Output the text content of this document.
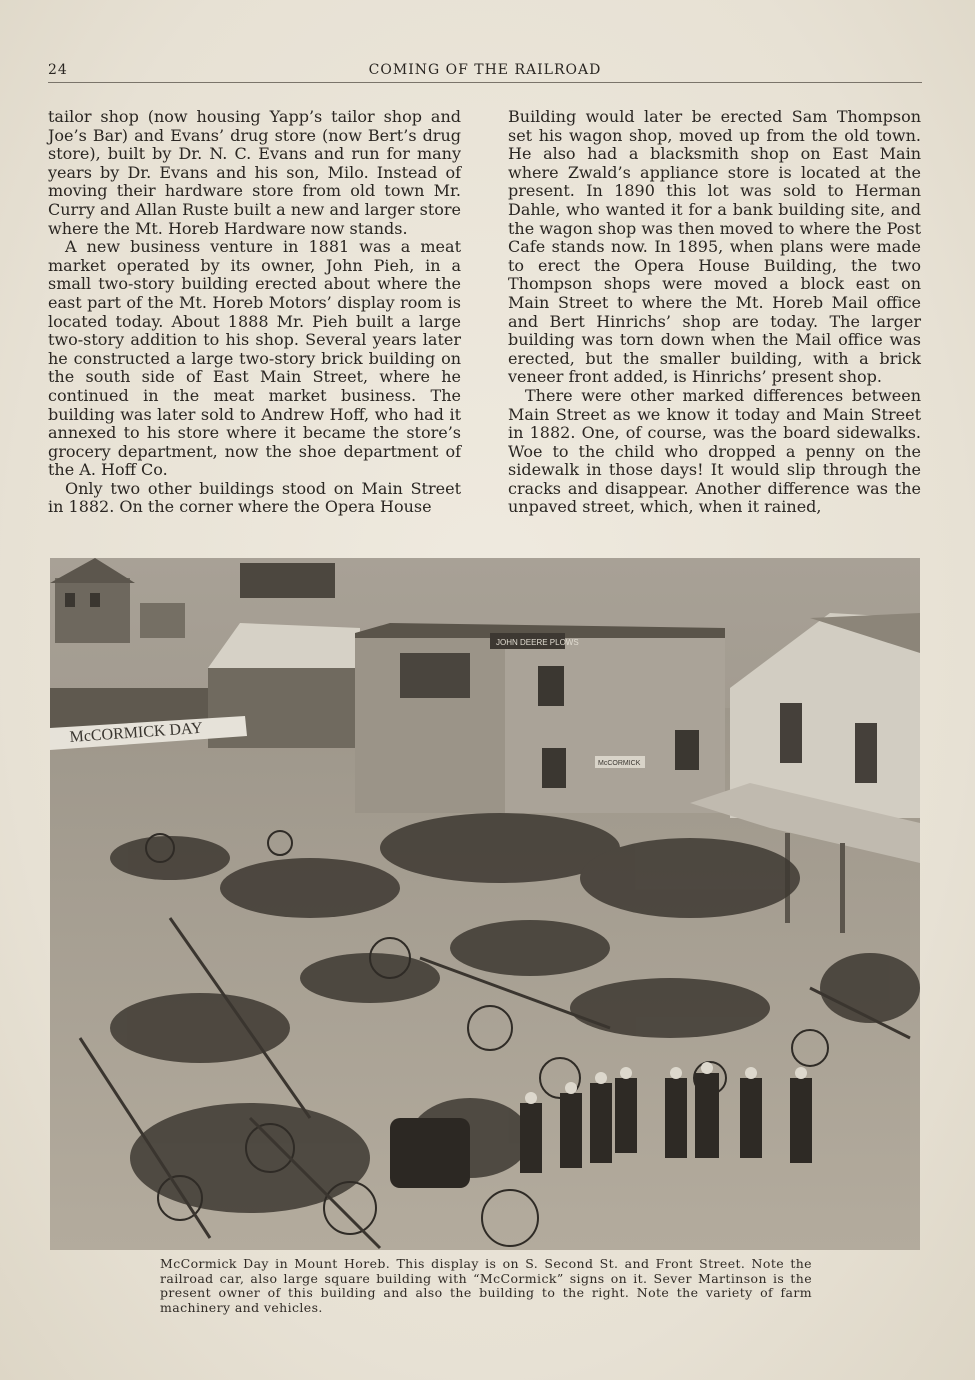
24	COMING OF THE RAILROAD

tailor shop (now housing Yapp’s tailor shop and Joe’s Bar) and Evans’ drug store (now Bert’s drug store), built by Dr. N. C. Evans and run for many years by Dr. Evans and his son, Milo. Instead of moving their hardware store from old town Mr. Curry and Allan Ruste built a new and larger store where the Mt. Horeb Hardware now stands.

A new business venture in 1881 was a meat market operated by its owner, John Pieh, in a small two-story building erected about where the east part of the Mt. Horeb Motors’ display room is located today. About 1888 Mr. Pieh built a large two-story addition to his shop. Several years later he constructed a large two-story brick building on the south side of East Main Street, where he continued in the meat market business. The building was later sold to Andrew Hoff, who had it annexed to his store where it became the store’s grocery department, now the shoe department of the A. Hoff Co.

Only two other buildings stood on Main Street in 1882. On the corner where the Opera House

Building would later be erected Sam Thompson set his wagon shop, moved up from the old town. He also had a blacksmith shop on East Main where Zwald’s appliance store is located at the present. In 1890 this lot was sold to Herman Dahle, who wanted it for a bank building site, and the wagon shop was then moved to where the Post Cafe stands now. In 1895, when plans were made to erect the Opera House Building, the two Thompson shops were moved a block east on Main Street to where the Mt. Horeb Mail office and Bert Hinrichs’ shop are today. The larger building was torn down when the Mail office was erected, but the smaller building, with a brick veneer front added, is Hinrichs’ present shop.

There were other marked differences between Main Street as we know it today and Main Street in 1882. One, of course, was the board sidewalks. Woe to the child who dropped a penny on the sidewalk in those days! It would slip through the cracks and disappear. Another difference was the unpaved street, which, when it rained,

McCORMICK DAY
JOHN DEERE PLOWS
McCORMICK
McCormick Day in Mount Horeb. This display is on S. Second St. and Front Street. Note the railroad car, also large square building with “McCormick” signs on it. Sever Martinson is the present owner of this building and also the building to the right. Note the variety of farm machinery and vehicles.
